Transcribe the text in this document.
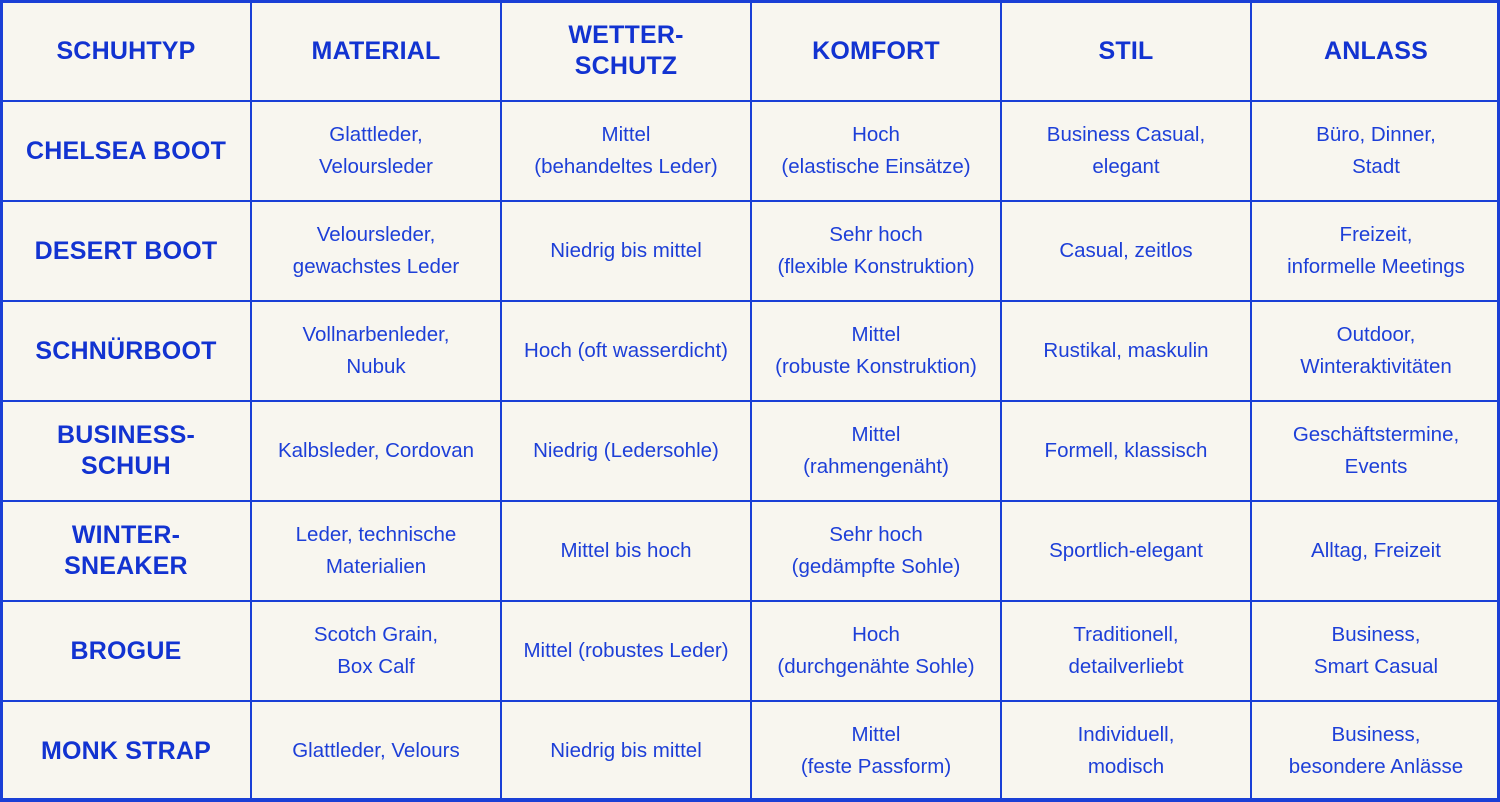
SCHUHTYP	MATERIAL	WETTER-
SCHUTZ	KOMFORT	STIL	ANLASS

CHELSEA BOOT	Glattleder,
Veloursleder	Mittel
(behandeltes Leder)	Hoch
(elastische Einsätze)	Business Casual,
elegant	Büro, Dinner,
Stadt

DESERT BOOT	Veloursleder,
gewachstes Leder	Niedrig bis mittel	Sehr hoch
(flexible Konstruktion)	Casual, zeitlos	Freizeit,
informelle Meetings

SCHNÜRBOOT	Vollnarbenleder,
Nubuk	Hoch (oft wasserdicht)	Mittel
(robuste Konstruktion)	Rustikal, maskulin	Outdoor,
Winteraktivitäten

BUSINESS-
SCHUH	Kalbsleder, Cordovan	Niedrig (Ledersohle)	Mittel
(rahmengenäht)	Formell, klassisch	Geschäftstermine,
Events

WINTER-
SNEAKER	Leder, technische
Materialien	Mittel bis hoch	Sehr hoch
(gedämpfte Sohle)	Sportlich-elegant	Alltag, Freizeit

BROGUE	Scotch Grain,
Box Calf	Mittel (robustes Leder)	Hoch
(durchgenähte Sohle)	Traditionell,
detailverliebt	Business,
Smart Casual

MONK STRAP	Glattleder, Velours	Niedrig bis mittel	Mittel
(feste Passform)	Individuell,
modisch	Business,
besondere Anlässe
